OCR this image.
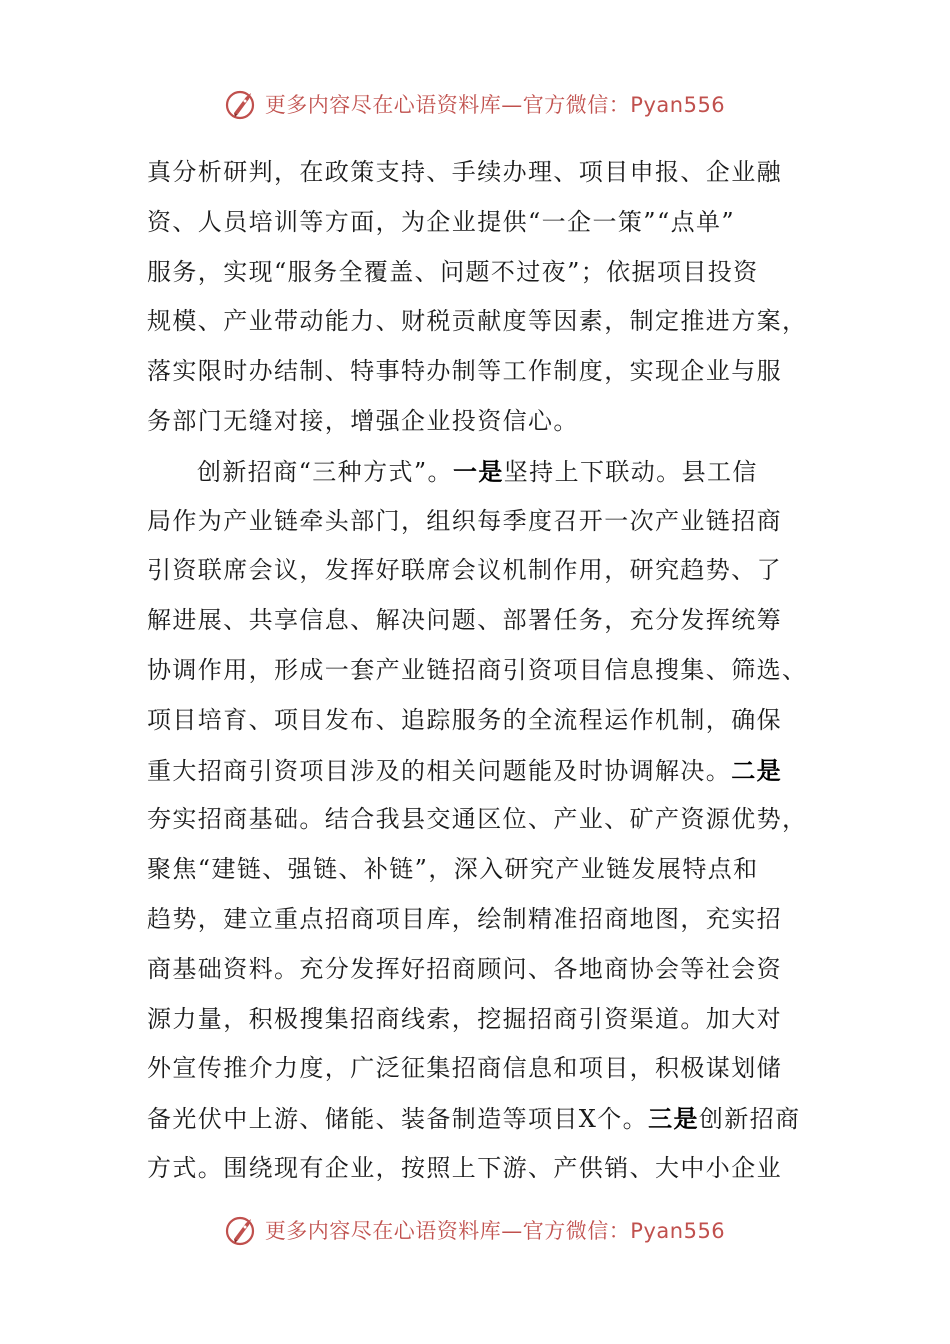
更多内容尽在心语资料库—官方微信：Pyan556
真分析研判，在政策支持、手续办理、项目申报、企业融
资、人员培训等方面，为企业提供“一企一策”“点单”
服务，实现“服务全覆盖、问题不过夜”；依据项目投资
规模、产业带动能力、财税贡献度等因素，制定推进方案，
落实限时办结制、特事特办制等工作制度，实现企业与服
务部门无缝对接，增强企业投资信心。
创新招商“三种方式”。一是坚持上下联动。县工信
局作为产业链牵头部门，组织每季度召开一次产业链招商
引资联席会议，发挥好联席会议机制作用，研究趋势、了
解进展、共享信息、解决问题、部署任务，充分发挥统筹
协调作用，形成一套产业链招商引资项目信息搜集、筛选、
项目培育、项目发布、追踪服务的全流程运作机制，确保
重大招商引资项目涉及的相关问题能及时协调解决。二是
夯实招商基础。结合我县交通区位、产业、矿产资源优势，
聚焦“建链、强链、补链”，深入研究产业链发展特点和
趋势，建立重点招商项目库，绘制精准招商地图，充实招
商基础资料。充分发挥好招商顾问、各地商协会等社会资
源力量，积极搜集招商线索，挖掘招商引资渠道。加大对
外宣传推介力度，广泛征集招商信息和项目，积极谋划储
备光伏中上游、储能、装备制造等项目X个。三是创新招商
方式。围绕现有企业，按照上下游、产供销、大中小企业
更多内容尽在心语资料库—官方微信：Pyan556
